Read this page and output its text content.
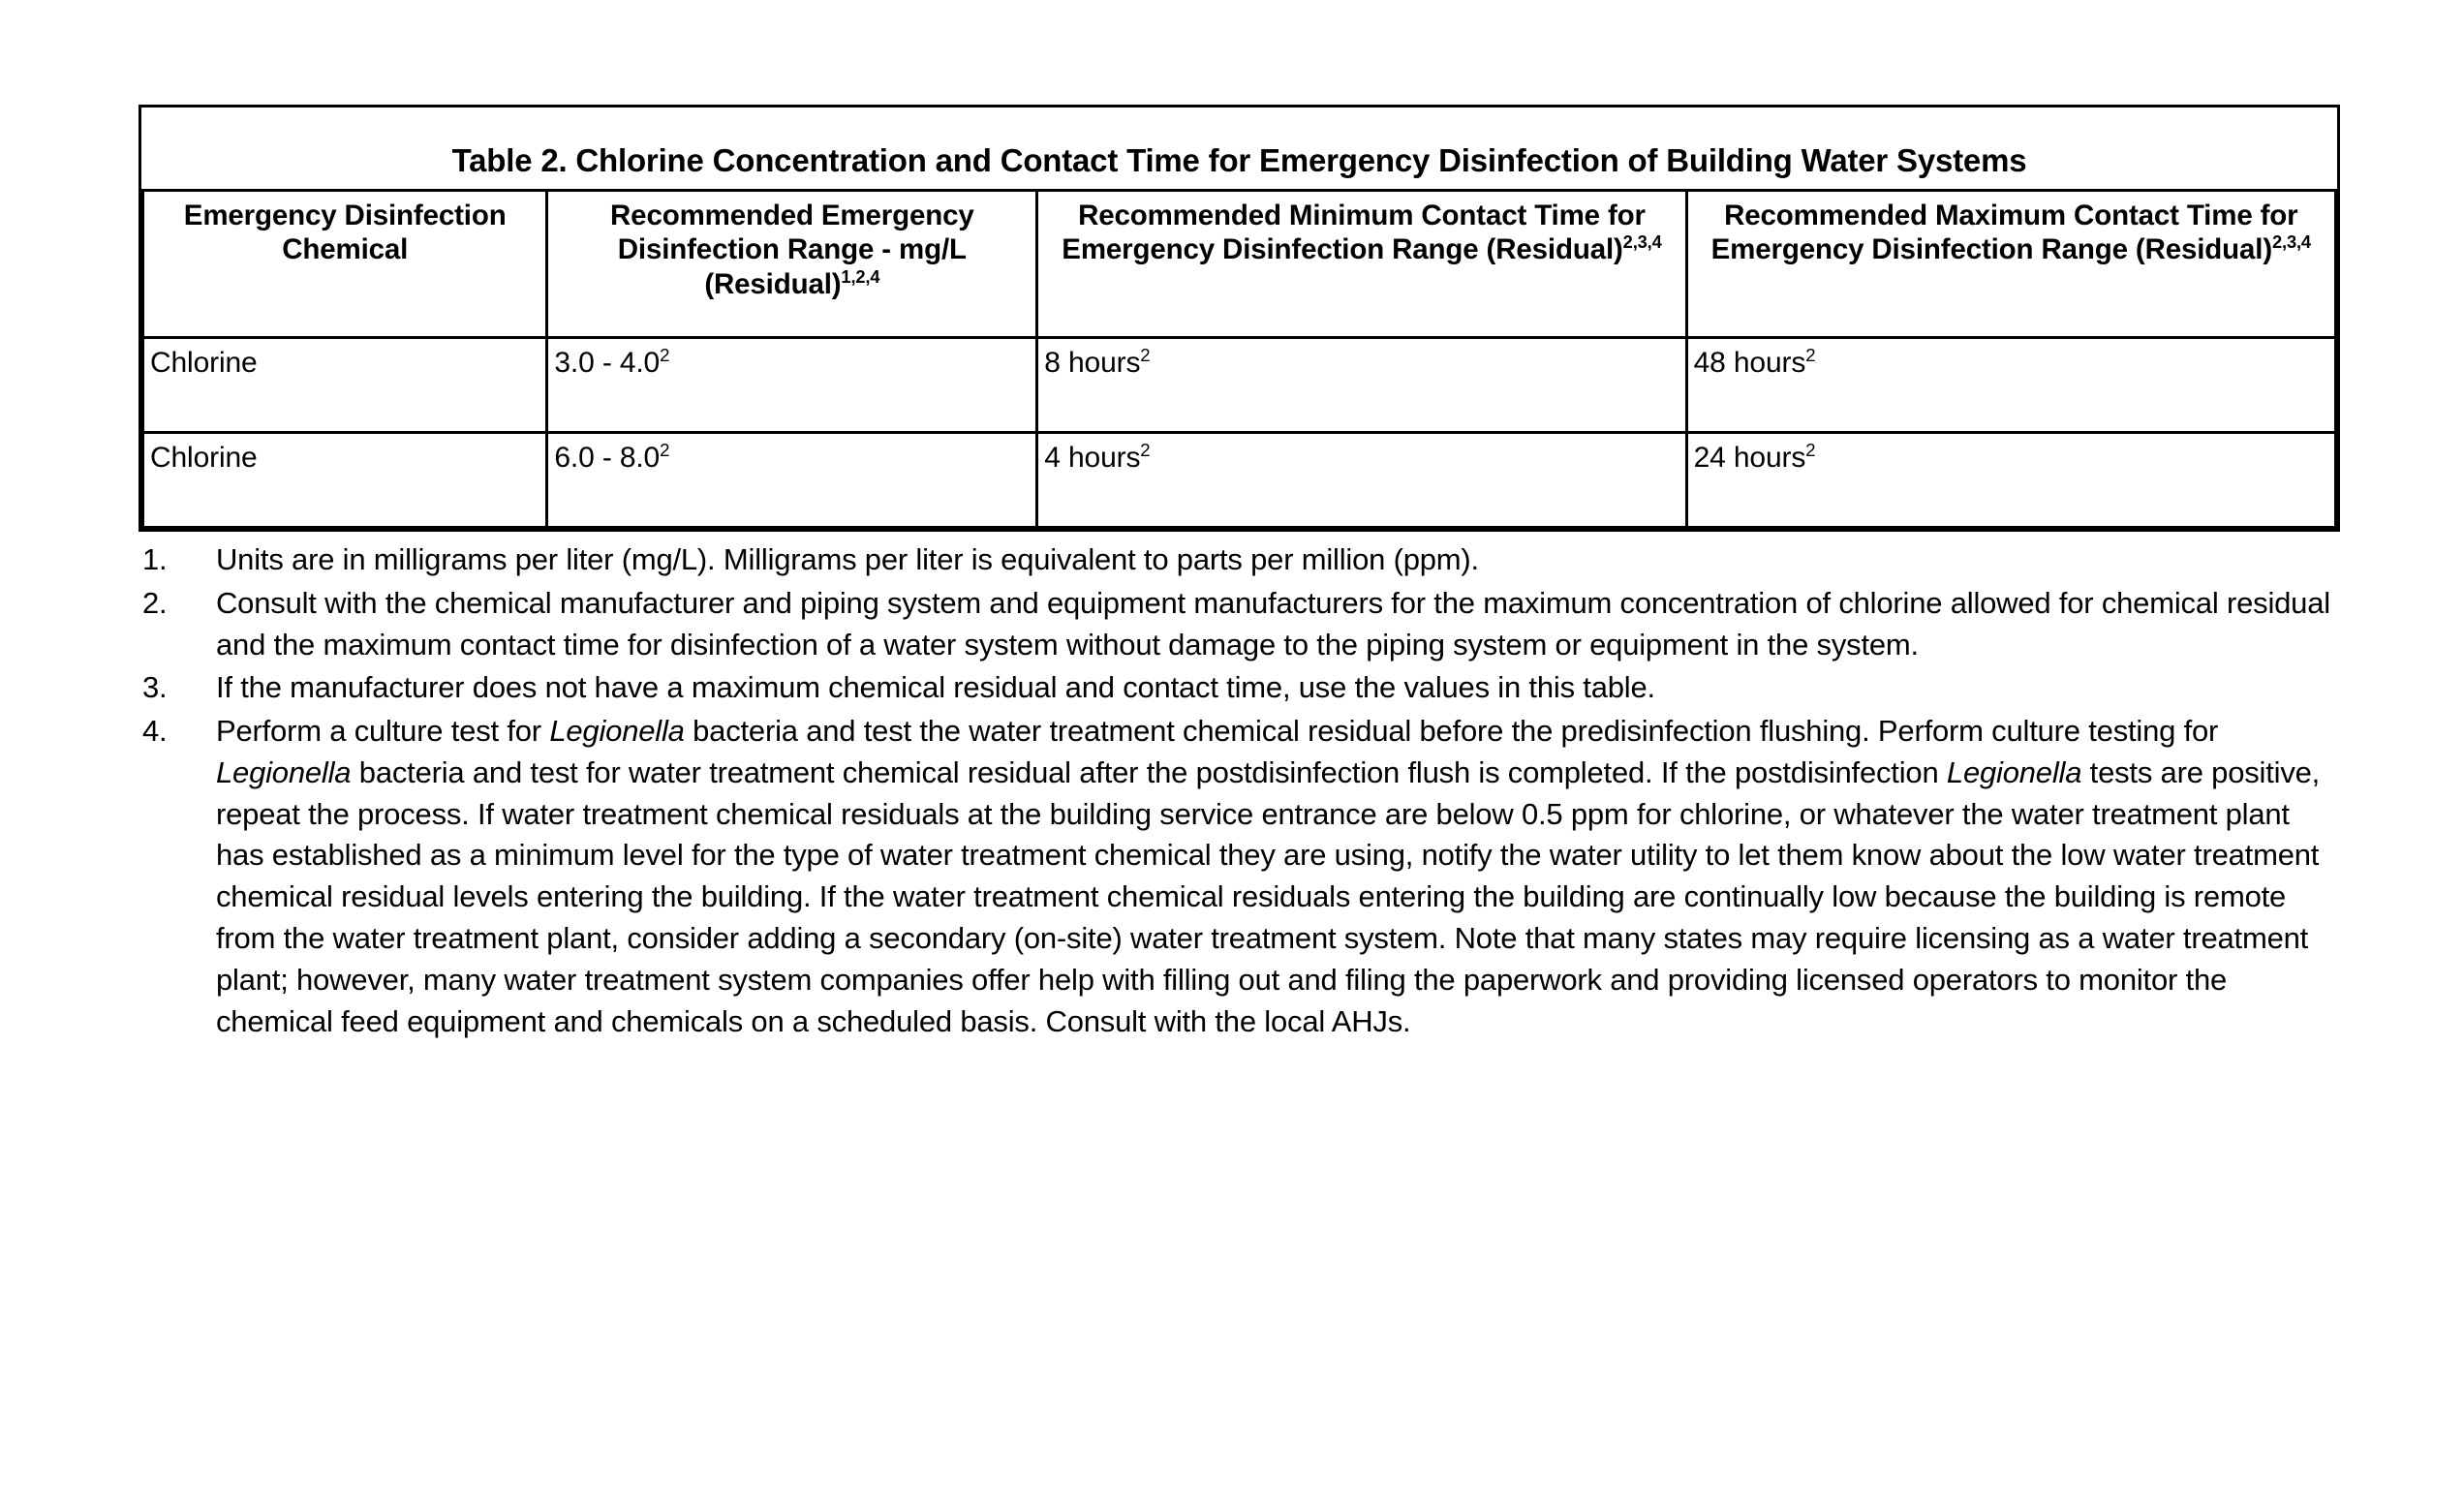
Table 2. Chlorine Concentration and Contact Time for Emergency Disinfection of Building Water Systems
Emergency Disinfection Chemical	Recommended Emergency Disinfection Range - mg/L (Residual)$^{1,2,4}$	Recommended Minimum Contact Time for Emergency Disinfection Range (Residual)$^{2,3,4}$	Recommended Maximum Contact Time for Emergency Disinfection Range (Residual)$^{2,3,4}$
Chlorine	$3.0 - 4.0^2$	8 hours$^2$	48 hours$^2$
Chlorine	$6.0 - 8.0^2$	4 hours$^2$	24 hours$^2$
1.	Units are in milligrams per liter (mg/L). Milligrams per liter is equivalent to parts per million (ppm).
2.	Consult with the chemical manufacturer and piping system and equipment manufacturers for the maximum concentration of chlorine allowed for chemical residual and the maximum contact time for disinfection of a water system without damage to the piping system or equipment in the system.
3.	If the manufacturer does not have a maximum chemical residual and contact time, use the values in this table.
4.	Perform a culture test for Legionella bacteria and test the water treatment chemical residual before the predisinfection flushing. Perform culture testing for Legionella bacteria and test for water treatment chemical residual after the postdisinfection flush is completed. If the postdisinfection Legionella tests are positive, repeat the process. If water treatment chemical residuals at the building service entrance are below 0.5 ppm for chlorine, or whatever the water treatment plant has established as a minimum level for the type of water treatment chemical they are using, notify the water utility to let them know about the low water treatment chemical residual levels entering the building. If the water treatment chemical residuals entering the building are continually low because the building is remote from the water treatment plant, consider adding a secondary (on-site) water treatment system. Note that many states may require licensing as a water treatment plant; however, many water treatment system companies offer help with filling out and filing the paperwork and providing licensed operators to monitor the chemical feed equipment and chemicals on a scheduled basis. Consult with the local AHJs.
